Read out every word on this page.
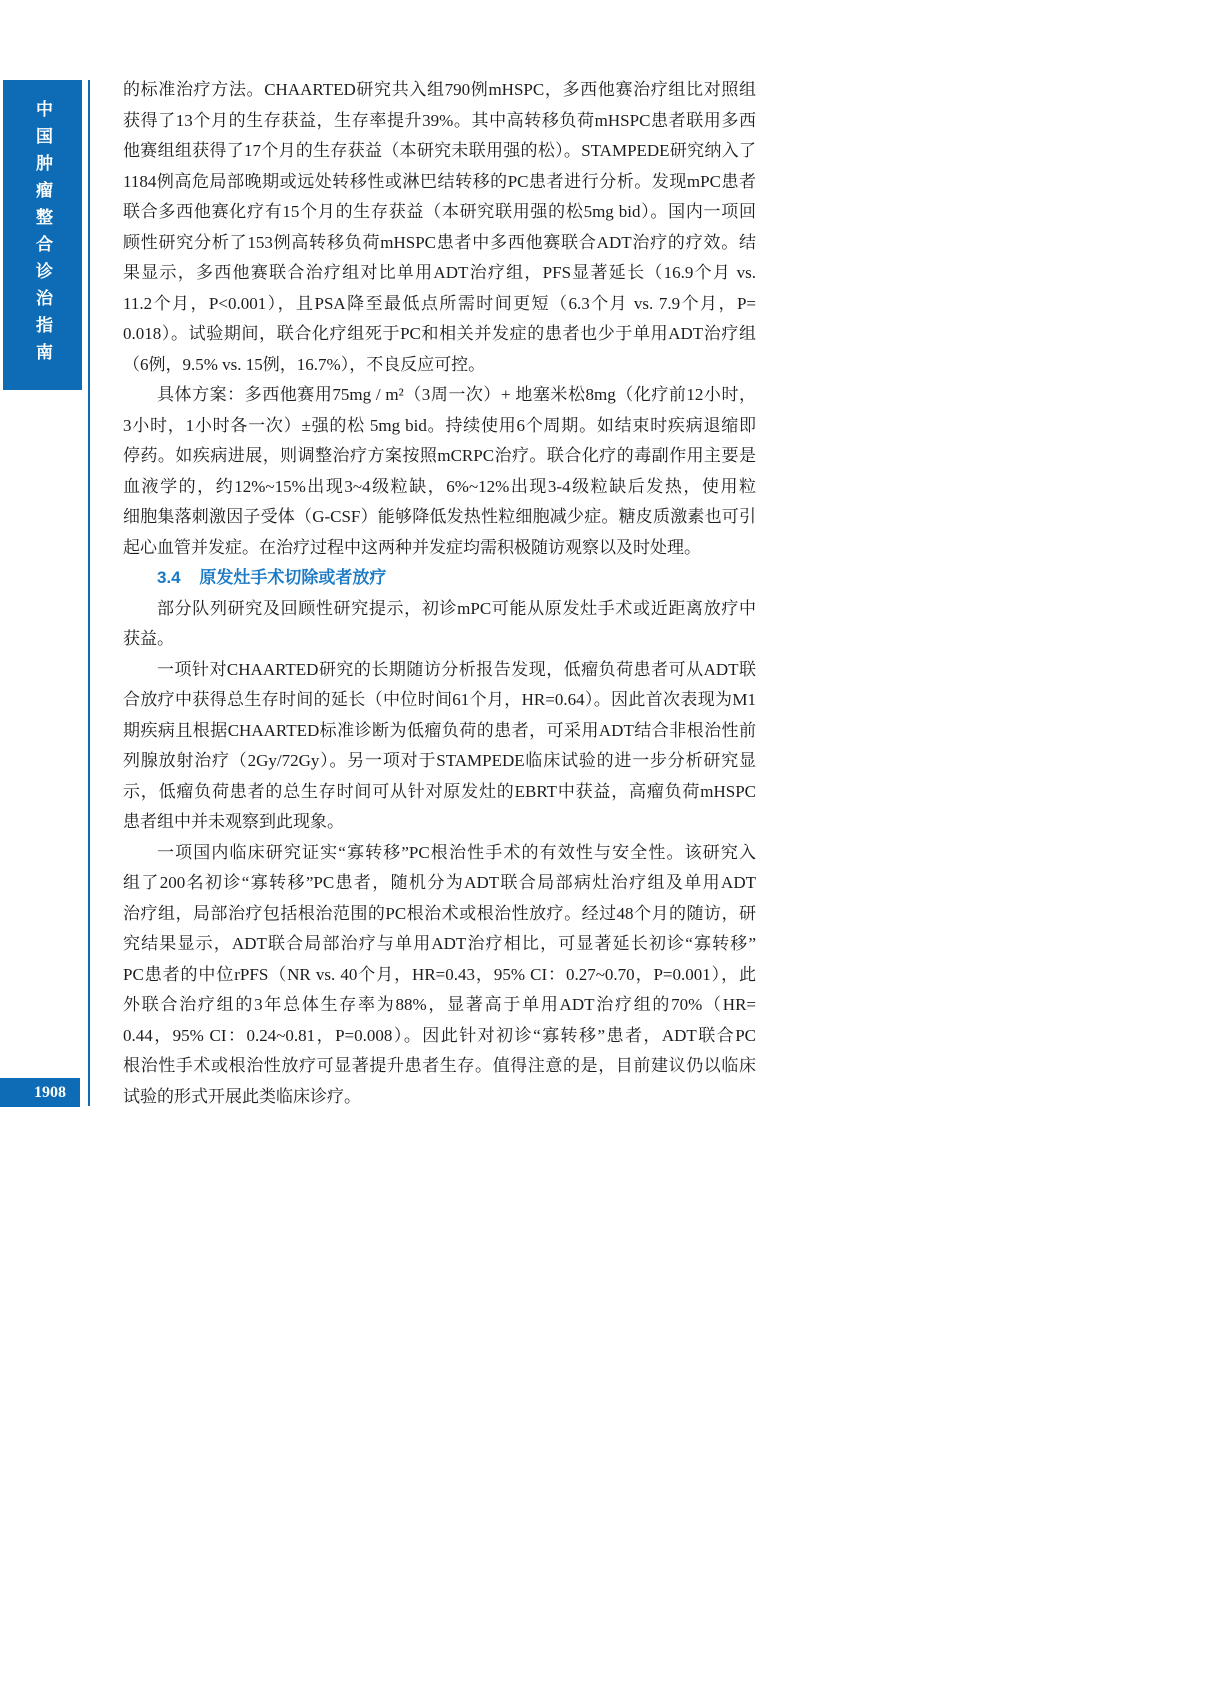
中国肿瘤整合诊治指南
1908
的标准治疗方法。CHAARTED研究共入组790例mHSPC，多西他赛治疗组比对照组
获得了13个月的生存获益，生存率提升39%。其中高转移负荷mHSPC患者联用多西
他赛组组获得了17个月的生存获益（本研究未联用强的松）。STAMPEDE研究纳入了
1184例高危局部晚期或远处转移性或淋巴结转移的PC患者进行分析。发现mPC患者
联合多西他赛化疗有15个月的生存获益（本研究联用强的松5mg bid）。国内一项回
顾性研究分析了153例高转移负荷mHSPC患者中多西他赛联合ADT治疗的疗效。结
果显示，多西他赛联合治疗组对比单用ADT治疗组，PFS显著延长（16.9个月 vs.
11.2个月，P<0.001），且PSA降至最低点所需时间更短（6.3个月 vs. 7.9个月，P=
0.018）。试验期间，联合化疗组死于PC和相关并发症的患者也少于单用ADT治疗组
（6例，9.5% vs. 15例，16.7%），不良反应可控。
具体方案：多西他赛用75mg / m²（3周一次）+ 地塞米松8mg（化疗前12小时，
3小时，1小时各一次）±强的松 5mg bid。持续使用6个周期。如结束时疾病退缩即
停药。如疾病进展，则调整治疗方案按照mCRPC治疗。联合化疗的毒副作用主要是
血液学的，约12%~15%出现3~4级粒缺，6%~12%出现3-4级粒缺后发热，使用粒
细胞集落刺激因子受体（G-CSF）能够降低发热性粒细胞减少症。糖皮质激素也可引
起心血管并发症。在治疗过程中这两种并发症均需积极随访观察以及时处理。
3.4 原发灶手术切除或者放疗
部分队列研究及回顾性研究提示，初诊mPC可能从原发灶手术或近距离放疗中
获益。
一项针对CHAARTED研究的长期随访分析报告发现，低瘤负荷患者可从ADT联
合放疗中获得总生存时间的延长（中位时间61个月，HR=0.64）。因此首次表现为M1
期疾病且根据CHAARTED标准诊断为低瘤负荷的患者，可采用ADT结合非根治性前
列腺放射治疗（2Gy/72Gy）。另一项对于STAMPEDE临床试验的进一步分析研究显
示，低瘤负荷患者的总生存时间可从针对原发灶的EBRT中获益，高瘤负荷mHSPC
患者组中并未观察到此现象。
一项国内临床研究证实“寡转移”PC根治性手术的有效性与安全性。该研究入
组了200名初诊“寡转移”PC患者，随机分为ADT联合局部病灶治疗组及单用ADT
治疗组，局部治疗包括根治范围的PC根治术或根治性放疗。经过48个月的随访，研
究结果显示，ADT联合局部治疗与单用ADT治疗相比，可显著延长初诊“寡转移”
PC患者的中位rPFS（NR vs. 40个月，HR=0.43，95% CI：0.27~0.70，P=0.001），此
外联合治疗组的3年总体生存率为88%，显著高于单用ADT治疗组的70%（HR=
0.44，95% CI：0.24~0.81，P=0.008）。因此针对初诊“寡转移”患者，ADT联合PC
根治性手术或根治性放疗可显著提升患者生存。值得注意的是，目前建议仍以临床
试验的形式开展此类临床诊疗。
